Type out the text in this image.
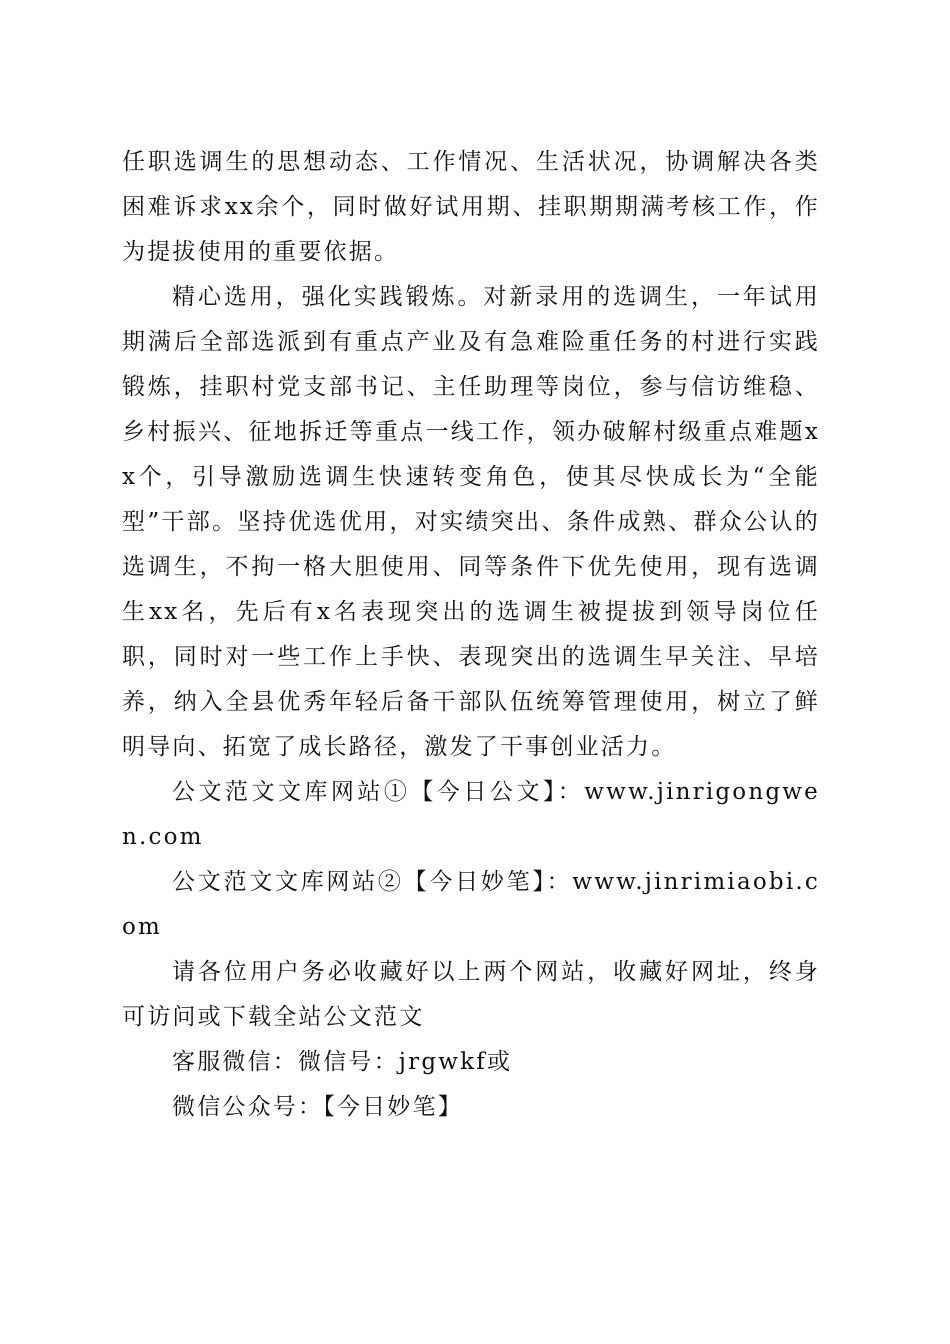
任职选调生的思想动态、工作情况、生活状况，协调解决各类困难诉求xx余个，同时做好试用期、挂职期期满考核工作，作为提拔使用的重要依据。

精心选用，强化实践锻炼。对新录用的选调生，一年试用期满后全部选派到有重点产业及有急难险重任务的村进行实践锻炼，挂职村党支部书记、主任助理等岗位，参与信访维稳、乡村振兴、征地拆迁等重点一线工作，领办破解村级重点难题xx个，引导激励选调生快速转变角色，使其尽快成长为“全能型”干部。坚持优选优用，对实绩突出、条件成熟、群众公认的选调生，不拘一格大胆使用、同等条件下优先使用，现有选调生xx名，先后有x名表现突出的选调生被提拔到领导岗位任职，同时对一些工作上手快、表现突出的选调生早关注、早培养，纳入全县优秀年轻后备干部队伍统筹管理使用，树立了鲜明导向、拓宽了成长路径，激发了干事创业活力。

公文范文文库网站①【今日公文】：www.jinrigongwen.com

公文范文文库网站②【今日妙笔】：www.jinrimiaobi.com

请各位用户务必收藏好以上两个网站，收藏好网址，终身可访问或下载全站公文范文

客服微信：微信号：jrgwkf或

微信公众号：【今日妙笔】
